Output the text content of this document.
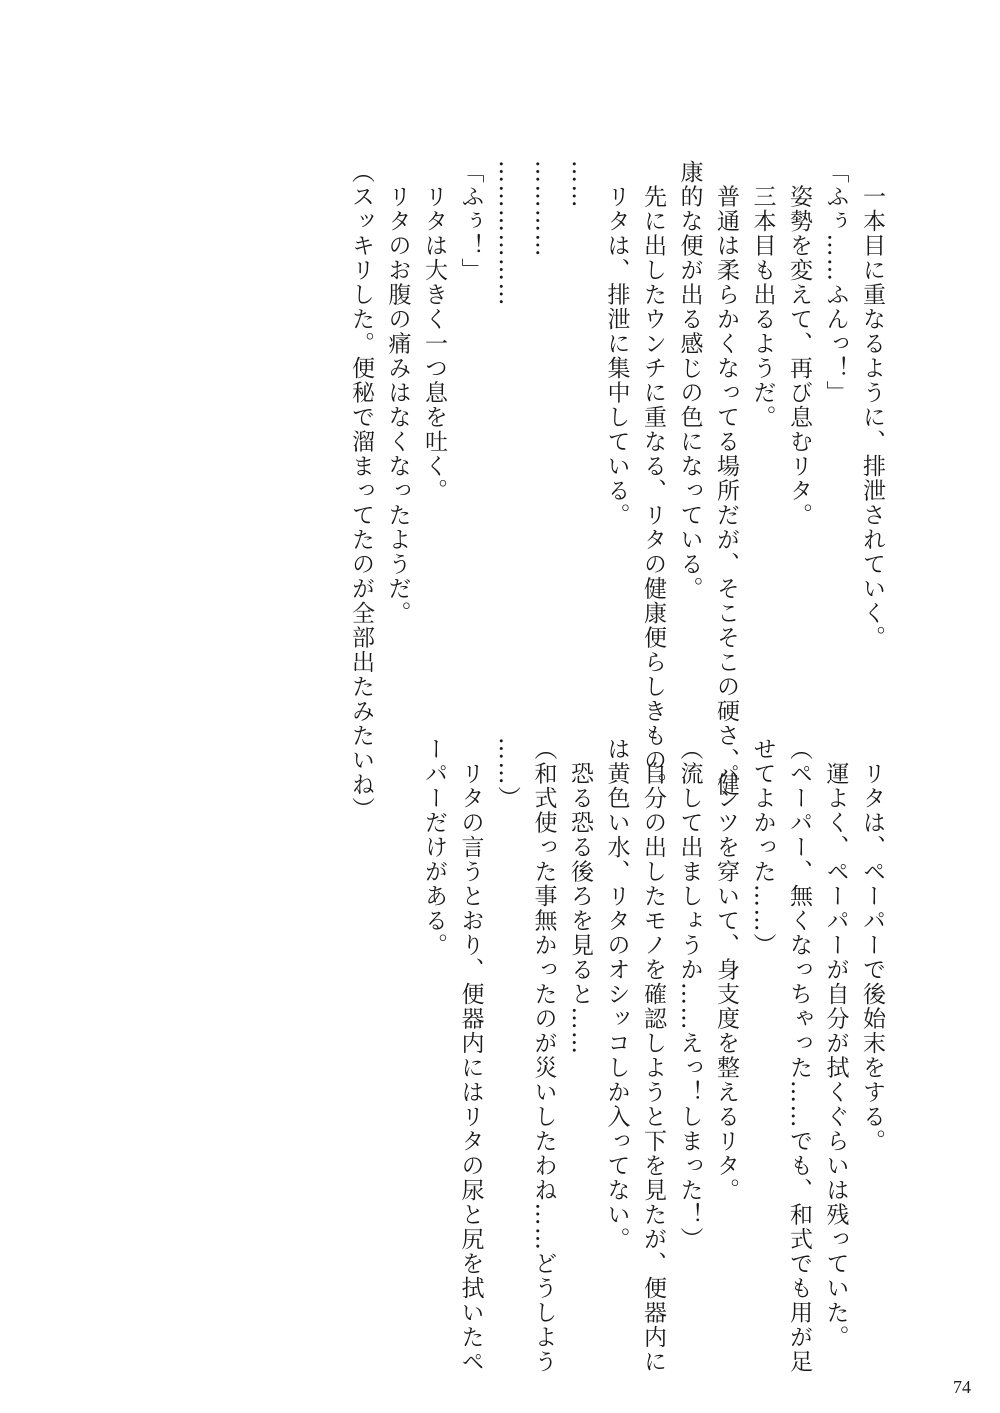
　一本目に重なるように、排泄されていく。

「ふぅ……ふんっ！」

　姿勢を変えて、再び息むリタ。

　三本目も出るようだ。

　普通は柔らかくなってる場所だが、そこそこの硬さ、健

康的な便が出る感じの色になっている。

　先に出したウンチに重なる、リタの健康便らしきもの。

　リタは、排泄に集中している。

……

…………

………………

「ふぅ！」

　リタは大きく一つ息を吐く。

　リタのお腹の痛みはなくなったようだ。

（スッキリした。便秘で溜まってたのが全部出たみたいね）

　リタは、ペーパーで後始末をする。

　運よく、ペーパーが自分が拭くぐらいは残っていた。

（ペーパー、無くなっちゃった……でも、和式でも用が足

せてよかった……）

　パンツを穿いて、身支度を整えるリタ。

（流して出ましょうか……えっ！しまった！）

　自分の出したモノを確認しようと下を見たが、便器内に

は黄色い水、リタのオシッコしか入ってない。

　恐る恐る後ろを見ると……

（和式使った事無かったのが災いしたわね……どうしよう

……）

　リタの言うとおり、便器内にはリタの尿と尻を拭いたペ

ーパーだけがある。

74
